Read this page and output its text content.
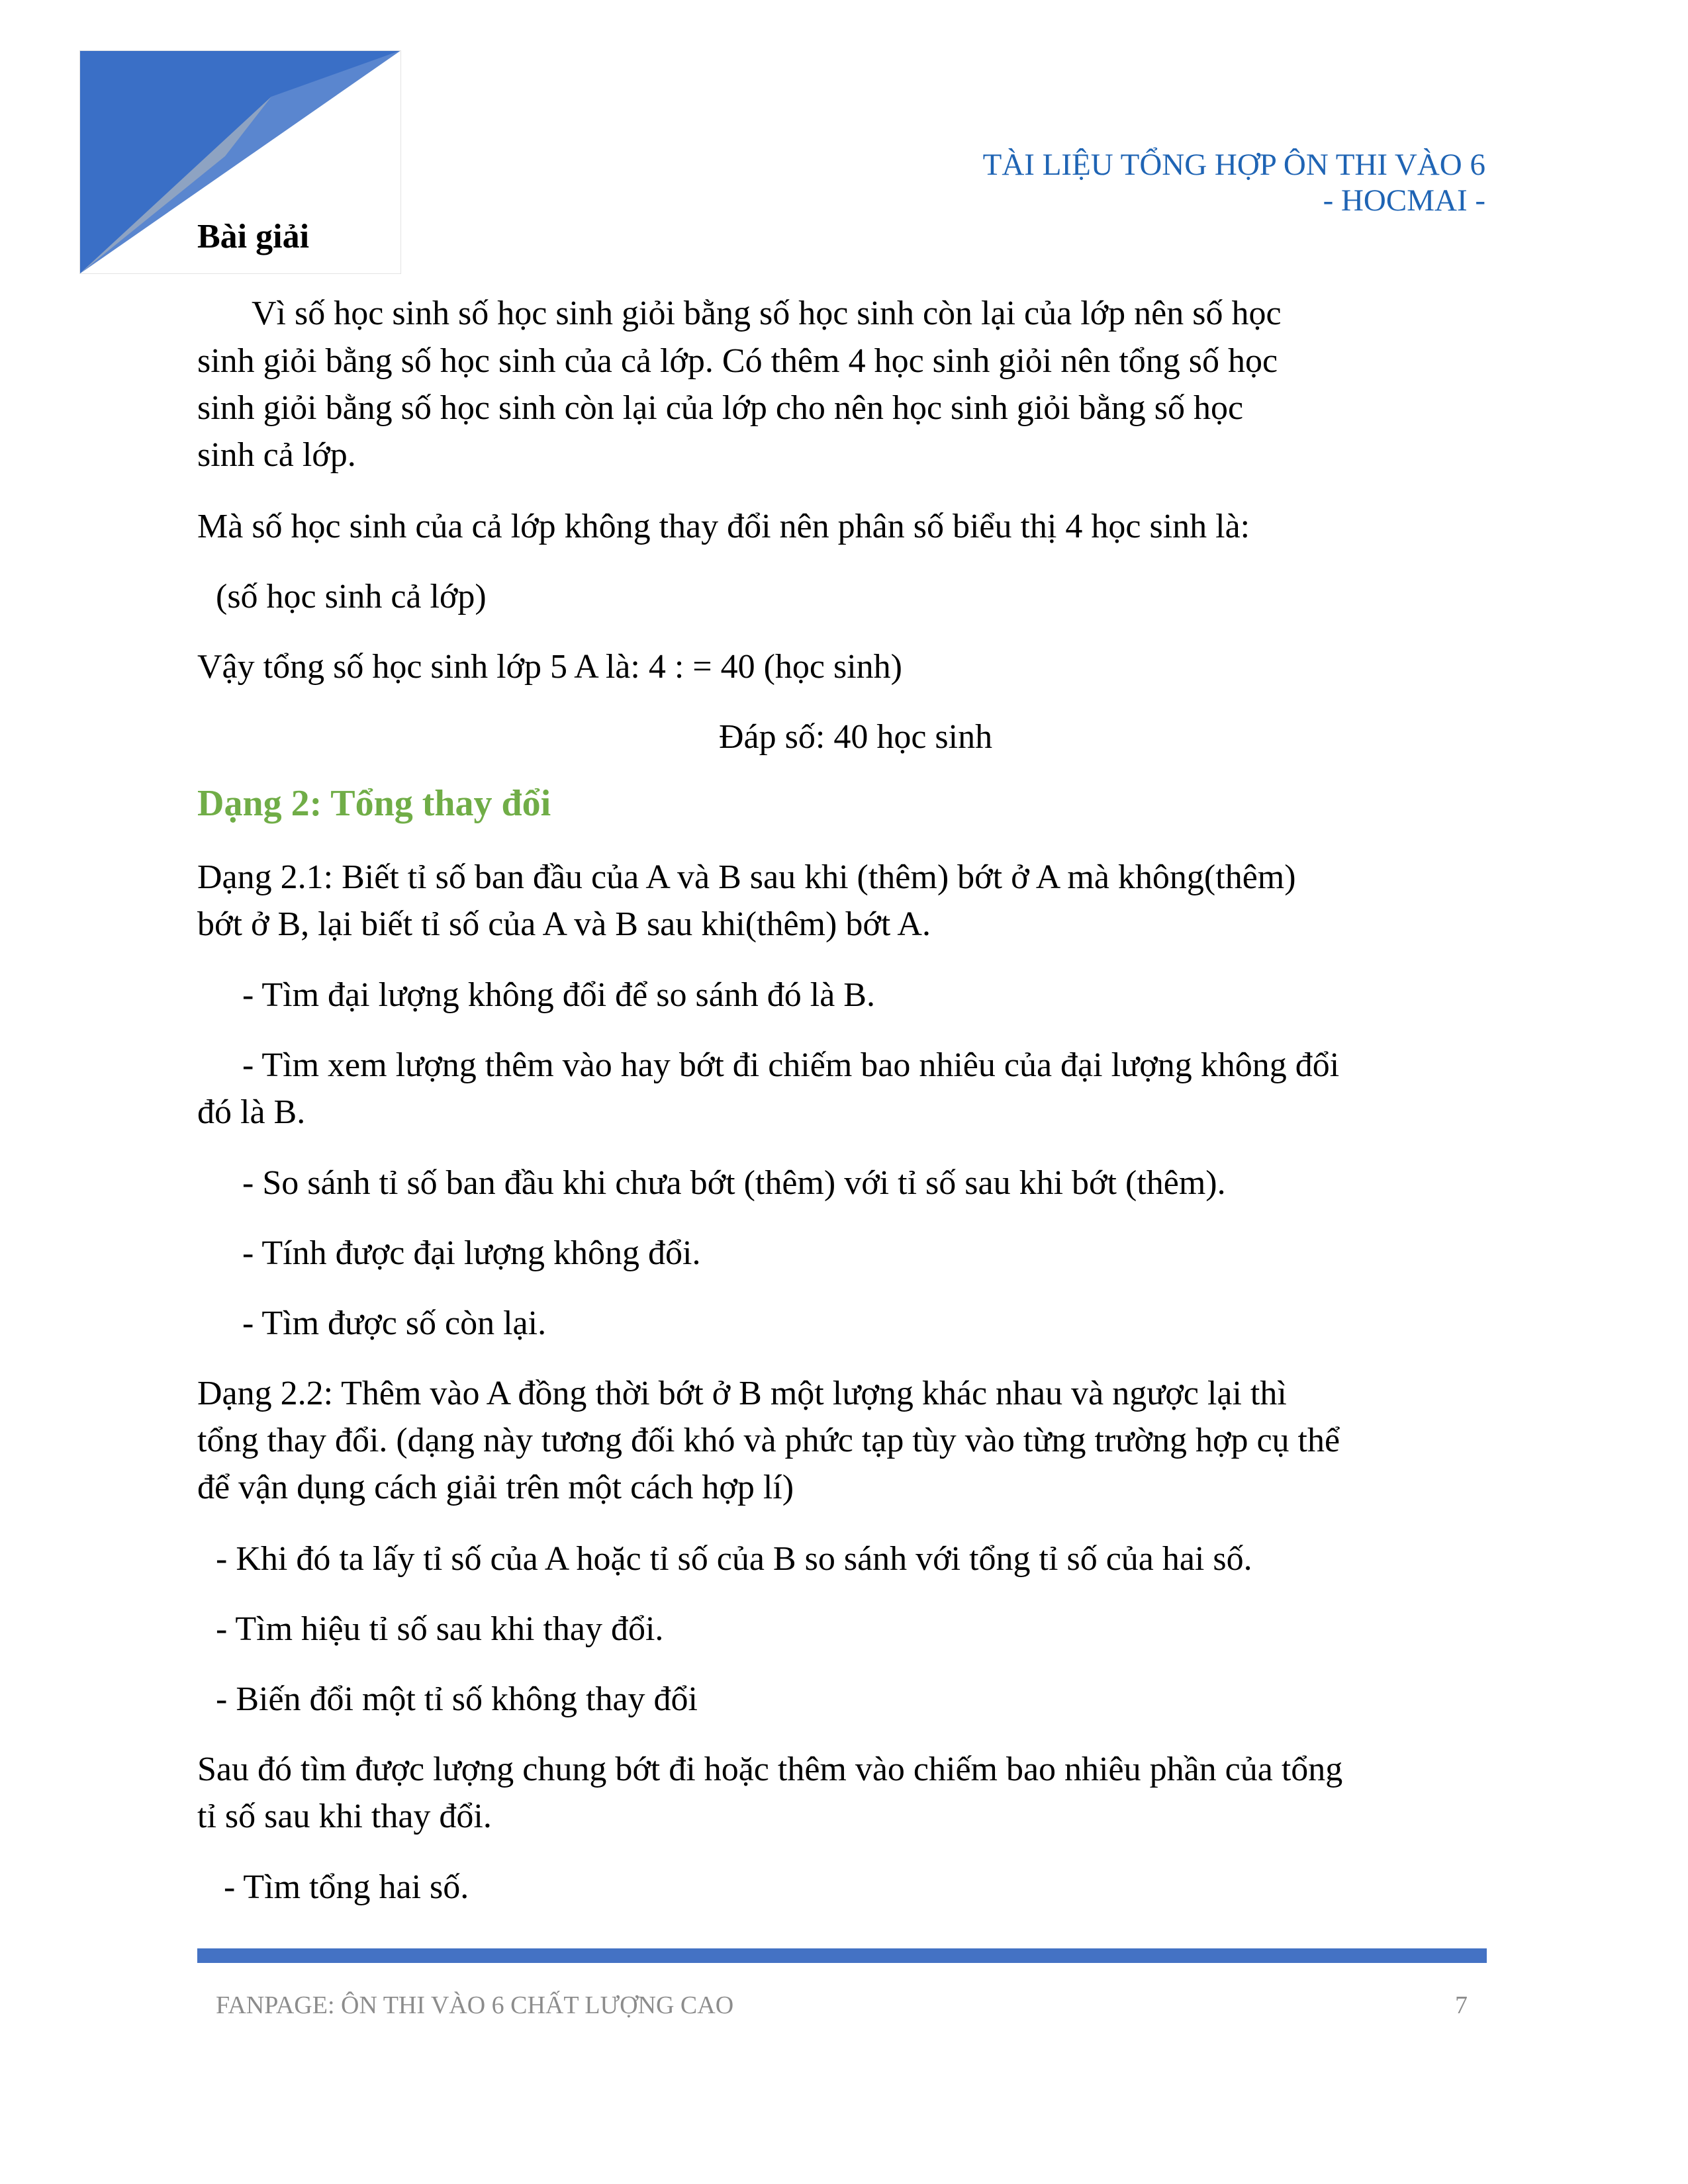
TÀI LIỆU TỔNG HỢP ÔN THI VÀO 6
- HOCMAI -
Bài giải
Vì số học sinh số học sinh giỏi bằng số học sinh còn lại của lớp nên số học
sinh giỏi bằng số học sinh của cả lớp. Có thêm 4 học sinh giỏi nên tổng số học
sinh giỏi bằng số học sinh còn lại của lớp cho nên học sinh giỏi bằng số học
sinh cả lớp.
Mà số học sinh của cả lớp không thay đổi nên phân số biểu thị 4 học sinh là:
(số học sinh cả lớp)
Vậy tổng số học sinh lớp 5 A là: 4 : = 40 (học sinh)
Đáp số: 40 học sinh
Dạng 2: Tổng thay đổi
Dạng 2.1: Biết tỉ số ban đầu của A và B sau khi (thêm) bớt ở A mà không(thêm)
bớt ở B, lại biết tỉ số của A và B sau khi(thêm) bớt A.
- Tìm đại lượng không đổi để so sánh đó là B.
- Tìm xem lượng thêm vào hay bớt đi chiếm bao nhiêu của đại lượng không đổi
đó là B.
- So sánh tỉ số ban đầu khi chưa bớt (thêm) với tỉ số sau khi bớt (thêm).
- Tính được đại lượng không đổi.
- Tìm được số còn lại.
Dạng 2.2: Thêm vào A đồng thời bớt ở B một lượng khác nhau và ngược lại thì
tổng thay đổi. (dạng này tương đối khó và phức tạp tùy vào từng trường hợp cụ thể
để vận dụng cách giải trên một cách hợp lí)
- Khi đó ta lấy tỉ số của A hoặc tỉ số của B so sánh với tổng tỉ số của hai số.
- Tìm hiệu tỉ số sau khi thay đổi.
- Biến đổi một tỉ số không thay đổi
Sau đó tìm được lượng chung bớt đi hoặc thêm vào chiếm bao nhiêu phần của tổng
tỉ số sau khi thay đổi.
- Tìm tổng hai số.
FANPAGE: ÔN THI VÀO 6 CHẤT LƯỢNG CAO	7
